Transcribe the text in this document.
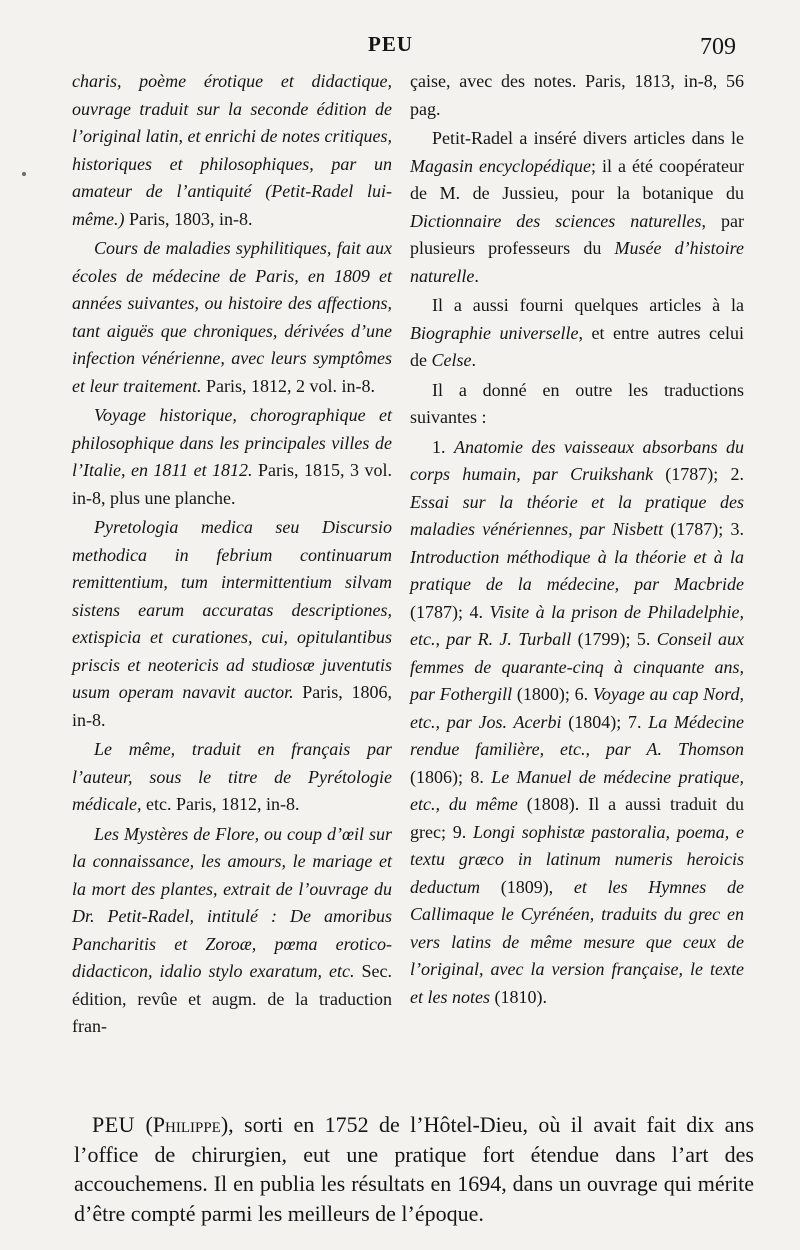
PEU	709

charis, poème érotique et didactique, ouvrage traduit sur la seconde édition de l’original latin, et enrichi de notes critiques, historiques et philosophiques, par un amateur de l’antiquité (Petit-Radel lui-même.) Paris, 1803, in-8.

Cours de maladies syphilitiques, fait aux écoles de médecine de Paris, en 1809 et années suivantes, ou histoire des affections, tant aiguës que chroniques, dérivées d’une infection vénérienne, avec leurs symptômes et leur traitement. Paris, 1812, 2 vol. in-8.

Voyage historique, chorographique et philosophique dans les principales villes de l’Italie, en 1811 et 1812. Paris, 1815, 3 vol. in-8, plus une planche.

Pyretologia medica seu Discursio methodica in febrium continuarum remittentium, tum intermittentium silvam sistens earum accuratas descriptiones, extispicia et curationes, cui, opitulantibus priscis et neotericis ad studiosæ juventutis usum operam navavit auctor. Paris, 1806, in-8.

Le même, traduit en français par l’auteur, sous le titre de Pyrétologie médicale, etc. Paris, 1812, in-8.

Les Mystères de Flore, ou coup d’œil sur la connaissance, les amours, le mariage et la mort des plantes, extrait de l’ouvrage du Dr. Petit-Radel, intitulé : De amoribus Pancharitis et Zoroæ, pœma erotico-didacticon, idalio stylo exaratum, etc. Sec. édition, revûe et augm. de la traduction fran-

çaise, avec des notes. Paris, 1813, in-8, 56 pag.

Petit-Radel a inséré divers articles dans le Magasin encyclopédique; il a été coopérateur de M. de Jussieu, pour la botanique du Dictionnaire des sciences naturelles, par plusieurs professeurs du Musée d’histoire naturelle.

Il a aussi fourni quelques articles à la Biographie universelle, et entre autres celui de Celse.

Il a donné en outre les traductions suivantes :

1. Anatomie des vaisseaux absorbans du corps humain, par Cruikshank (1787); 2. Essai sur la théorie et la pratique des maladies vénériennes, par Nisbett (1787); 3. Introduction méthodique à la théorie et à la pratique de la médecine, par Macbride (1787); 4. Visite à la prison de Philadelphie, etc., par R. J. Turball (1799); 5. Conseil aux femmes de quarante-cinq à cinquante ans, par Fothergill (1800); 6. Voyage au cap Nord, etc., par Jos. Acerbi (1804); 7. La Médecine rendue familière, etc., par A. Thomson (1806); 8. Le Manuel de médecine pratique, etc., du même (1808). Il a aussi traduit du grec; 9. Longi sophistæ pastoralia, poema, e textu græco in latinum numeris heroicis deductum (1809), et les Hymnes de Callimaque le Cyrénéen, traduits du grec en vers latins de même mesure que ceux de l’original, avec la version française, le texte et les notes (1810).

PEU (Philippe), sorti en 1752 de l’Hôtel-Dieu, où il avait fait dix ans l’office de chirurgien, eut une pratique fort étendue dans l’art des accouchemens. Il en publia les résultats en 1694, dans un ouvrage qui mérite d’être compté parmi les meilleurs de l’époque.
